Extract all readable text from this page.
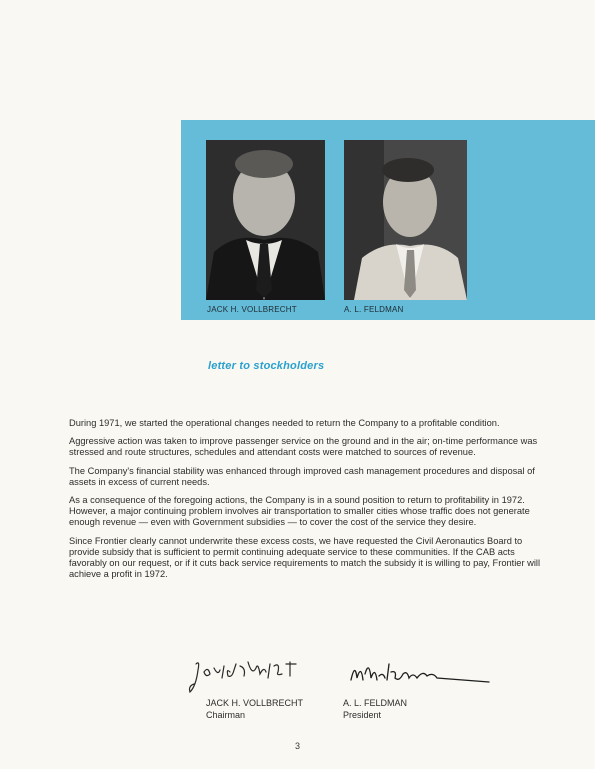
JACK H. VOLLBRECHT	A. L. FELDMAN
letter to stockholders

During 1971, we started the operational changes needed to return the Company to a profitable condition.

Aggressive action was taken to improve passenger service on the ground and in the air; on-time performance was stressed and route structures, schedules and attendant costs were matched to sources of revenue.

The Company's financial stability was enhanced through improved cash management procedures and disposal of assets in excess of current needs.

As a consequence of the foregoing actions, the Company is in a sound position to return to profitability in 1972. However, a major continuing problem involves air transportation to smaller cities whose traffic does not generate enough revenue — even with Government subsidies — to cover the cost of the service they desire.

Since Frontier clearly cannot underwrite these excess costs, we have requested the Civil Aeronautics Board to provide subsidy that is sufficient to permit continuing adequate service to these communities. If the CAB acts favorably on our request, or if it cuts back service requirements to match the subsidy it is willing to pay, Frontier will achieve a profit in 1972.

JACK H. VOLLBRECHT
Chairman
A. L. FELDMAN
President
3
